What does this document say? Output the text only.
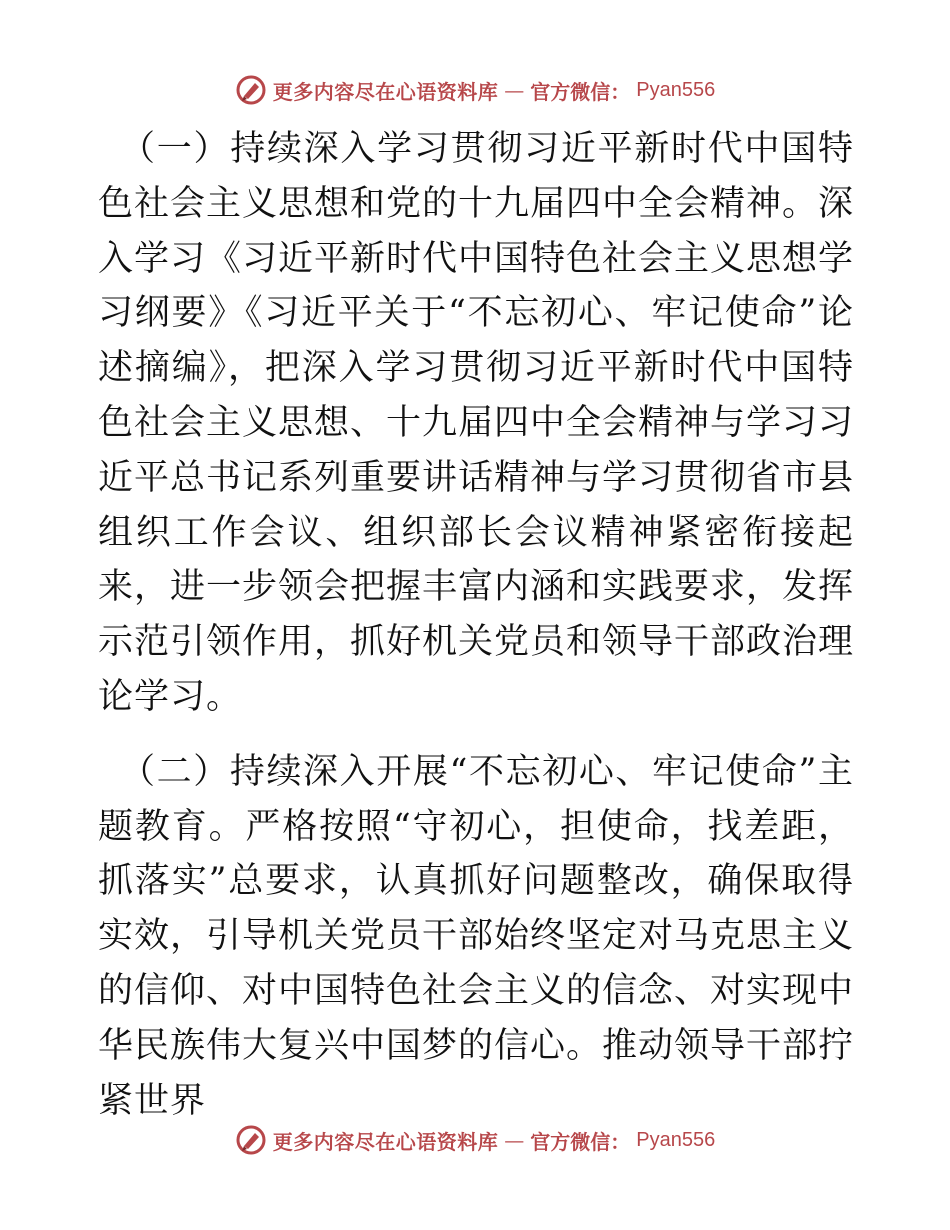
更多内容尽在心语资料库 — 官方微信： Pyan556

（一）持续深入学习贯彻习近平新时代中国特色社会主义思想和党的十九届四中全会精神。深入学习《习近平新时代中国特色社会主义思想学习纲要》《习近平关于“不忘初心、牢记使命”论述摘编》，把深入学习贯彻习近平新时代中国特色社会主义思想、十九届四中全会精神与学习习近平总书记系列重要讲话精神与学习贯彻省市县组织工作会议、组织部长会议精神紧密衔接起来，进一步领会把握丰富内涵和实践要求，发挥示范引领作用，抓好机关党员和领导干部政治理论学习。

（二）持续深入开展“不忘初心、牢记使命”主题教育。严格按照“守初心，担使命，找差距，抓落实”总要求，认真抓好问题整改，确保取得实效，引导机关党员干部始终坚定对马克思主义的信仰、对中国特色社会主义的信念、对实现中华民族伟大复兴中国梦的信心。推动领导干部拧紧世界

更多内容尽在心语资料库 — 官方微信： Pyan556
